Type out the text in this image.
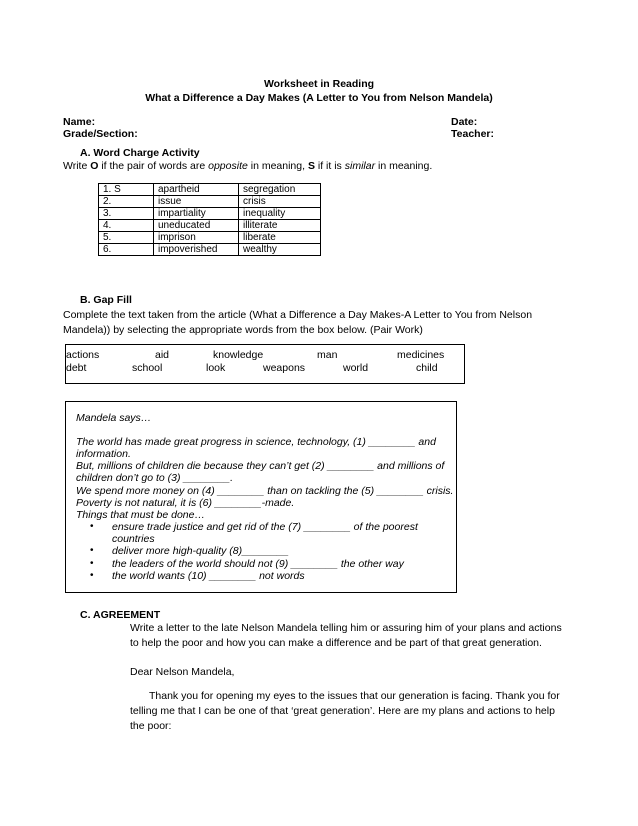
Worksheet in Reading
What a Difference a Day Makes (A Letter to You from Nelson Mandela)
Name:	Date:
Grade/Section:	Teacher:
A. Word Charge Activity
Write O if the pair of words are opposite in meaning, S if it is similar in meaning.
1. S	apartheid	segregation
2.	issue	crisis
3.	impartiality	inequality
4.	uneducated	illiterate
5.	imprison	liberate
6.	impoverished	wealthy
B. Gap Fill
Complete the text taken from the article (What a Difference a Day Makes-A Letter to You from Nelson
Mandela)) by selecting the appropriate words from the box below. (Pair Work)
actions	aid	knowledge	man	medicines
debt	school	look	weapons	world	child
Mandela says…
The world has made great progress in science, technology, (1) ________ and
information.
But, millions of children die because they can’t get (2) ________ and millions of
children don’t go to (3) ________.
We spend more money on (4) ________ than on tackling the (5) ________ crisis.
Poverty is not natural, it is (6) ________-made.
Things that must be done…
• ensure trade justice and get rid of the (7) ________ of the poorest
countries
• deliver more high-quality (8)________
• the leaders of the world should not (9) ________ the other way
• the world wants (10) ________ not words
C. AGREEMENT
Write a letter to the late Nelson Mandela telling him or assuring him of your plans and actions
to help the poor and how you can make a difference and be part of that great generation.
Dear Nelson Mandela,
Thank you for opening my eyes to the issues that our generation is facing. Thank you for
telling me that I can be one of that ‘great generation’. Here are my plans and actions to help
the poor:
